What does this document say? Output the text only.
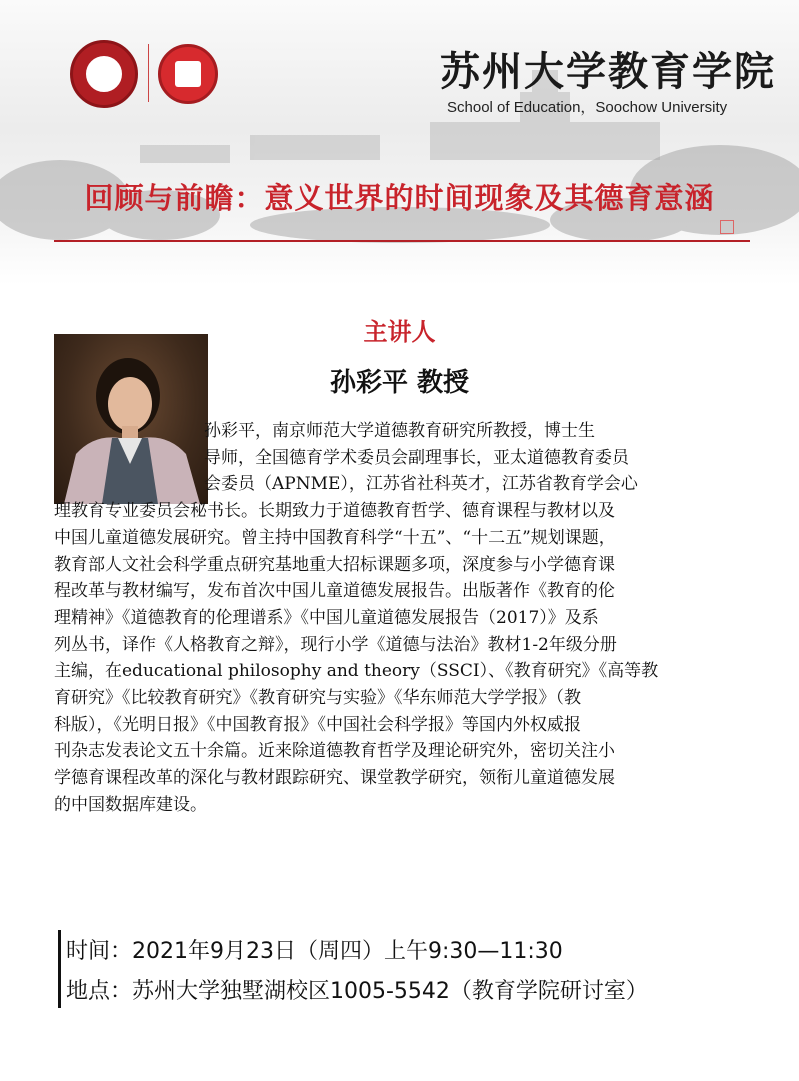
苏州大学教育学院
School of Education，Soochow University
回顾与前瞻：意义世界的时间现象及其德育意涵
主讲人
孙彩平 教授
孙彩平，南京师范大学道德教育研究所教授，博士生
导师，全国德育学术委员会副理事长，亚太道德教育委员
会委员（APNME），江苏省社科英才，江苏省教育学会心
理教育专业委员会秘书长。长期致力于道德教育哲学、德育课程与教材以及
中国儿童道德发展研究。曾主持中国教育科学“十五”、“十二五”规划课题，
教育部人文社会科学重点研究基地重大招标课题多项，深度参与小学德育课
程改革与教材编写，发布首次中国儿童道德发展报告。出版著作《教育的伦
理精神》《道德教育的伦理谱系》《中国儿童道德发展报告（2017）》及系
列丛书，译作《人格教育之辩》，现行小学《道德与法治》教材1-2年级分册
主编，在educational philosophy and theory（SSCI）、《教育研究》《高等教
育研究》《比较教育研究》《教育研究与实验》《华东师范大学学报》（教
科版），《光明日报》《中国教育报》《中国社会科学报》等国内外权威报
刊杂志发表论文五十余篇。近来除道德教育哲学及理论研究外，密切关注小
学德育课程改革的深化与教材跟踪研究、课堂教学研究，领衔儿童道德发展
的中国数据库建设。
时间：2021年9月23日（周四）上午9:30—11:30
地点：苏州大学独墅湖校区1005-5542（教育学院研讨室）
